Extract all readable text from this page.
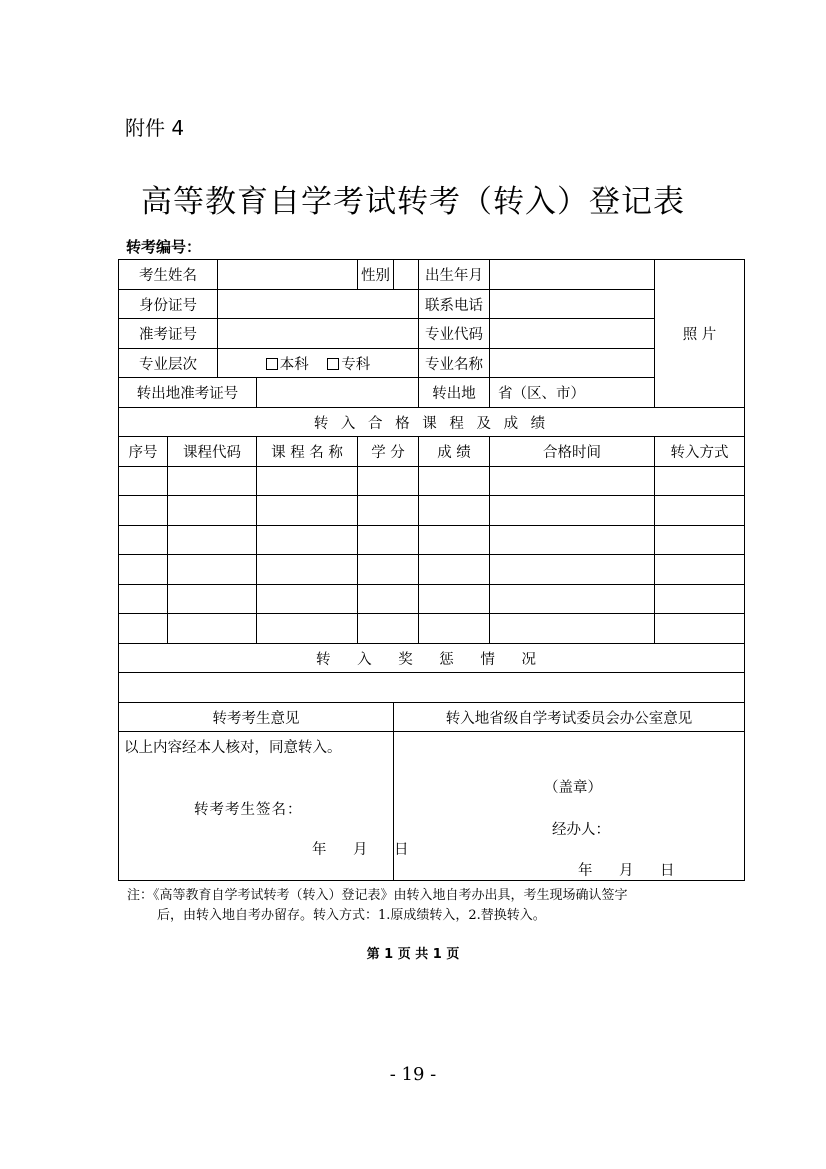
附件 4
高等教育自学考试转考（转入）登记表
转考编号：
考生姓名				性别		出生年月		照 片
身份证号						联系电话		
准考证号						专业代码		
专业层次		本科 专科				专业名称		
转出地准考证号						转出地	省（区、市）	
转 入 合 格 课 程 及 成 绩								
序号	课程代码		课 程 名 称	学 分		成 绩	合格时间	转入方式

转 入 奖 惩 情 况								

转考考生意见					转入地省级自学考试委员会办公室意见			

以上内容经本人核对，同意转入。
转考考生签名：
年　月　日					（盖章）
经办人：
年　月　日			
注：《高等教育自学考试转考（转入）登记表》由转入地自考办出具，考生现场确认签字
后，由转入地自考办留存。转入方式：1.原成绩转入，2.替换转入。
第 1 页 共 1 页
- 19 -
